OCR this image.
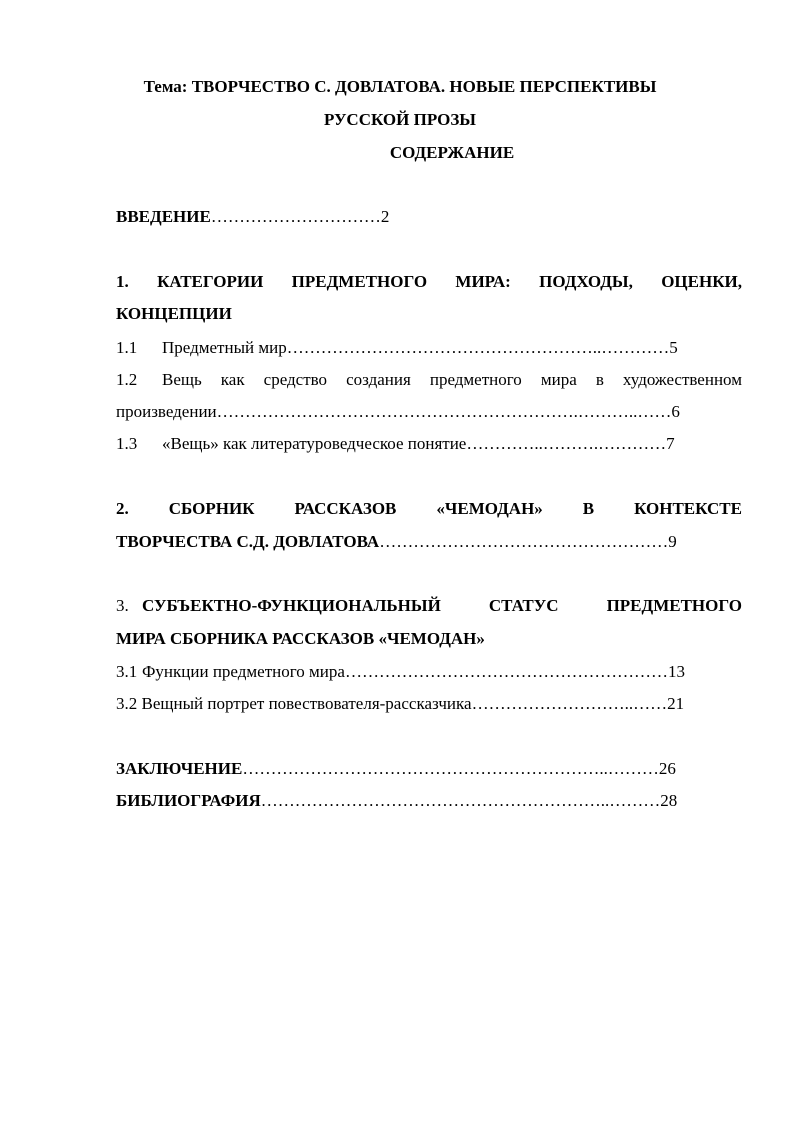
Тема: ТВОРЧЕСТВО С. ДОВЛАТОВА. НОВЫЕ ПЕРСПЕКТИВЫ
РУССКОЙ ПРОЗЫ
СОДЕРЖАНИЕ
ВВЕДЕНИЕ…………………………2
1. КАТЕГОРИИ ПРЕДМЕТНОГО МИРА: ПОДХОДЫ, ОЦЕНКИ,
КОНЦЕПЦИИ
1.1 Предметный мир………………………………………………..…………5
1.2 Вещь как средство создания предметного мира в художественном
произведении……………………………………………………….………..……6
1.3 «Вещь» как литературоведческое понятие…………..……….…………7
2. СБОРНИК РАССКАЗОВ «ЧЕМОДАН» В КОНТЕКСТЕ
ТВОРЧЕСТВА С.Д. ДОВЛАТОВА……………………………………………9
3. СУБЪЕКТНО-ФУНКЦИОНАЛЬНЫЙ СТАТУС ПРЕДМЕТНОГО
МИРА СБОРНИКА РАССКАЗОВ «ЧЕМОДАН»
3.1 Функции предметного мира…………………………………………………13
3.2 Вещный портрет повествователя-рассказчика………………………..……21
ЗАКЛЮЧЕНИЕ………………………………………………………..………26
БИБЛИОГРАФИЯ……………………………………………………..………28
